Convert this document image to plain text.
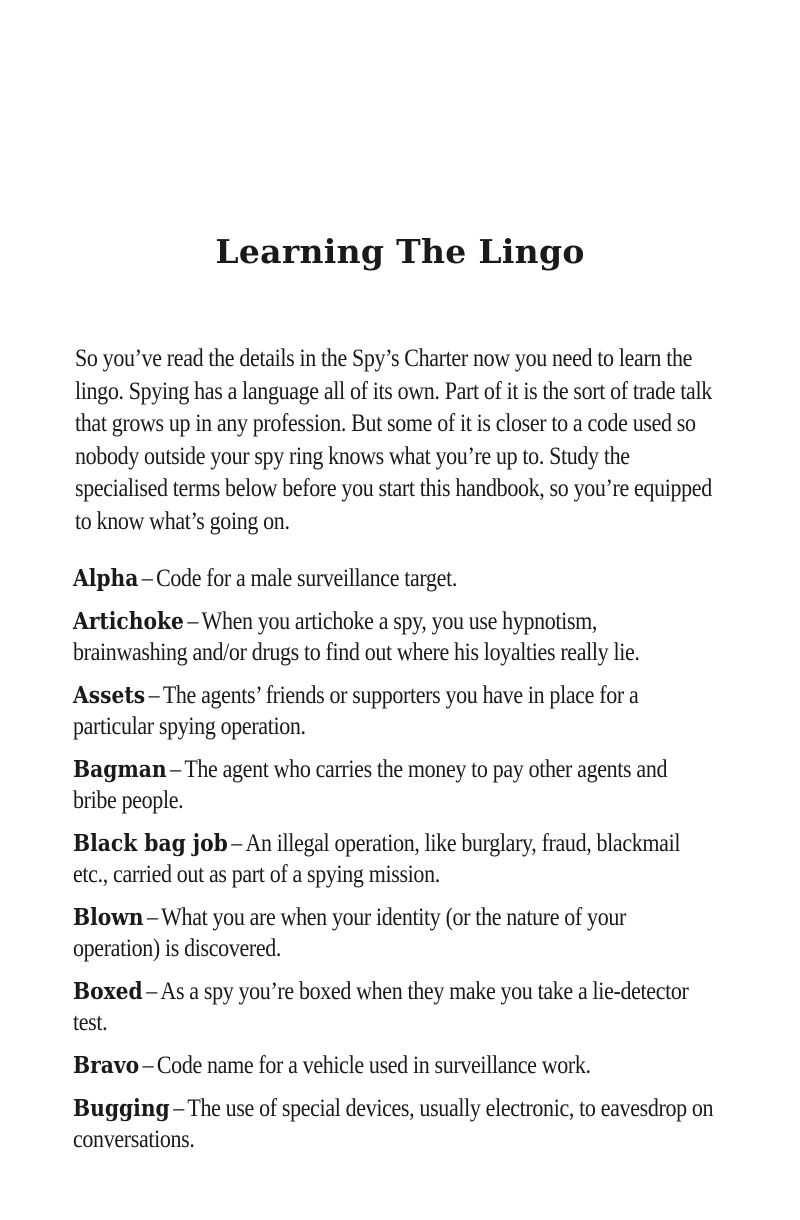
Learning The Lingo

So you’ve read the details in the Spy’s Charter now you need to learn the lingo. Spying has a language all of its own. Part of it is the sort of trade talk that grows up in any profession. But some of it is closer to a code used so nobody outside your spy ring knows what you’re up to. Study the specialised terms below before you start this handbook, so you’re equipped to know what’s going on.

Alpha – Code for a male surveillance target.
Artichoke – When you artichoke a spy, you use hypnotism, brainwashing and/or drugs to find out where his loyalties really lie.
Assets – The agents’ friends or supporters you have in place for a particular spying operation.
Bagman – The agent who carries the money to pay other agents and bribe people.
Black bag job – An illegal operation, like burglary, fraud, blackmail etc., carried out as part of a spying mission.
Blown – What you are when your identity (or the nature of your operation) is discovered.
Boxed – As a spy you’re boxed when they make you take a lie-detector test.
Bravo – Code name for a vehicle used in surveillance work.
Bugging – The use of special devices, usually electronic, to eavesdrop on conversations.
